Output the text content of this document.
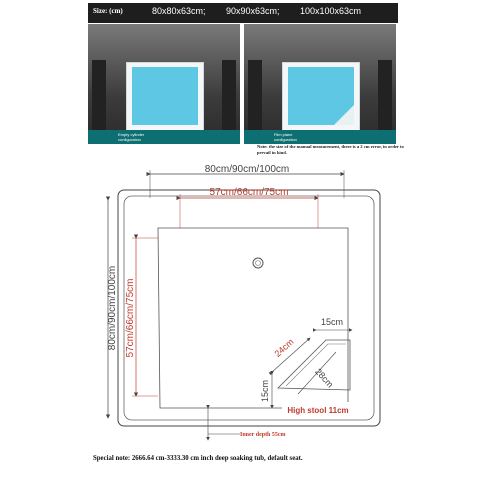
Size: (cm)	80x80x63cm; 90x90x63cm; 100x100x63cm
Empty cylinder
configuration
Film plane
configuration
Note: the size of the manual measurement, there is a 2 cm error, in order to prevail in kind.
80cm/90cm/100cm
57cm/66cm/75cm
80cm/90cm/100cm 57cm/66cm/75cm	15cm
24cm
28cm
15cm
High stool 11cm
Inner depth 55cm
Special note: 2666.64 cm-3333.30 cm inch deep soaking tub, default seat.
